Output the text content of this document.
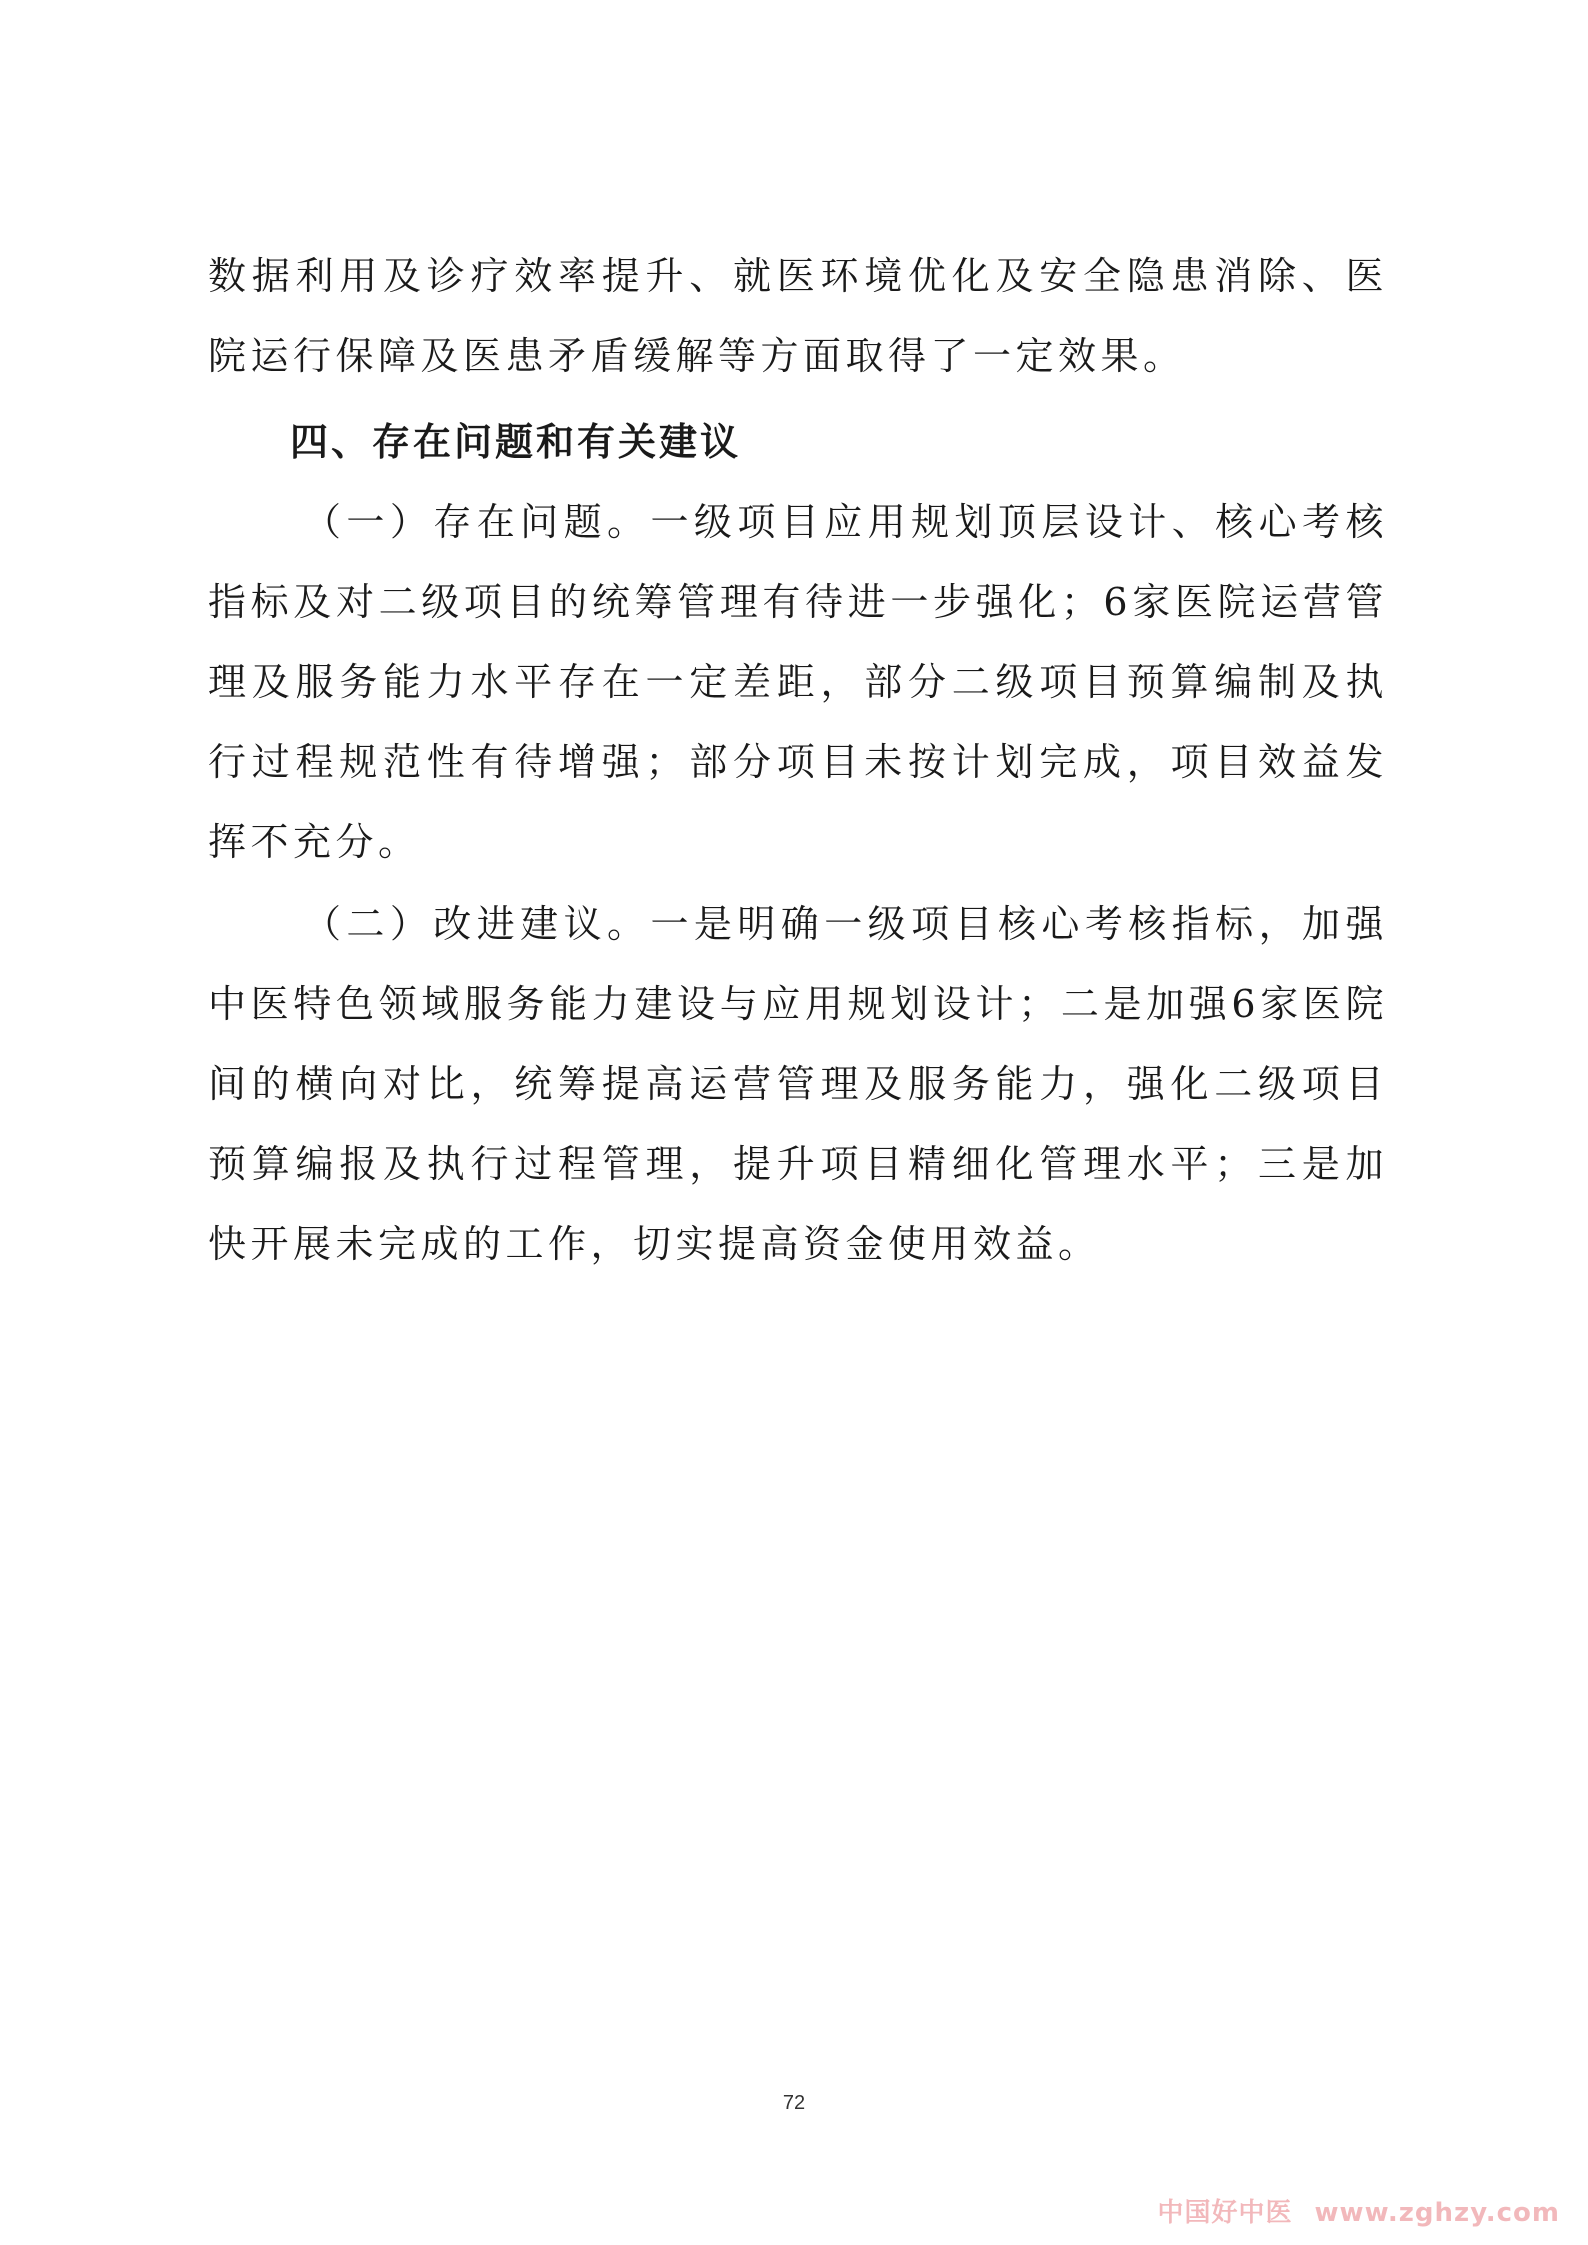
数据利用及诊疗效率提升、就医环境优化及安全隐患消除、医院运行保障及医患矛盾缓解等方面取得了一定效果。

四、存在问题和有关建议

（一）存在问题。一级项目应用规划顶层设计、核心考核指标及对二级项目的统筹管理有待进一步强化；6家医院运营管理及服务能力水平存在一定差距，部分二级项目预算编制及执行过程规范性有待增强；部分项目未按计划完成，项目效益发挥不充分。

（二）改进建议。一是明确一级项目核心考核指标，加强中医特色领域服务能力建设与应用规划设计；二是加强6家医院间的横向对比，统筹提高运营管理及服务能力，强化二级项目预算编报及执行过程管理，提升项目精细化管理水平；三是加快开展未完成的工作，切实提高资金使用效益。

72
中国好中医 www.zghzy.com
